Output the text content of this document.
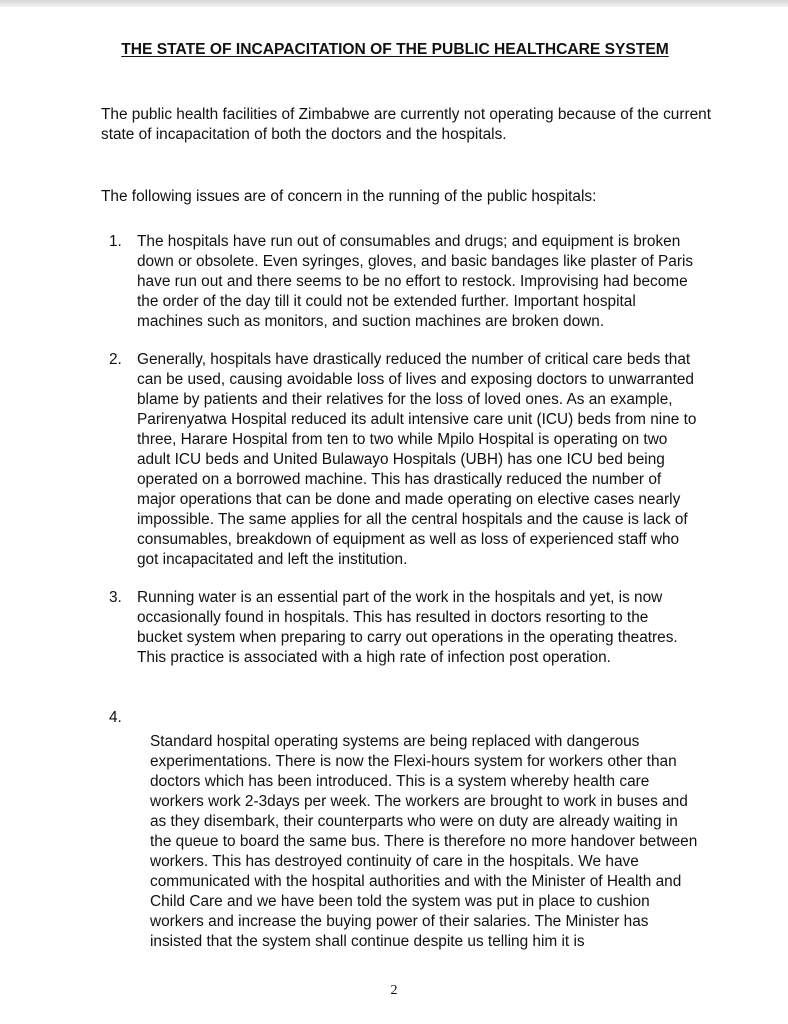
THE STATE OF INCAPACITATION OF THE PUBLIC HEALTHCARE SYSTEM
The public health facilities of Zimbabwe are currently not operating because of the current state of incapacitation of both the doctors and the hospitals.
The following issues are of concern in the running of the public hospitals:
1. The hospitals have run out of consumables and drugs; and equipment is broken down or obsolete. Even syringes, gloves, and basic bandages like plaster of Paris have run out and there seems to be no effort to restock. Improvising had become the order of the day till it could not be extended further. Important hospital machines such as monitors, and suction machines are broken down.
2. Generally, hospitals have drastically reduced the number of critical care beds that can be used, causing avoidable loss of lives and exposing doctors to unwarranted blame by patients and their relatives for the loss of loved ones. As an example, Parirenyatwa Hospital reduced its adult intensive care unit (ICU) beds from nine to three, Harare Hospital from ten to two while Mpilo Hospital is operating on two adult ICU beds and United Bulawayo Hospitals (UBH) has one ICU bed being operated on a borrowed machine. This has drastically reduced the number of major operations that can be done and made operating on elective cases nearly impossible. The same applies for all the central hospitals and the cause is lack of consumables, breakdown of equipment as well as loss of experienced staff who got incapacitated and left the institution.
3. Running water is an essential part of the work in the hospitals and yet, is now occasionally found in hospitals. This has resulted in doctors resorting to the bucket system when preparing to carry out operations in the operating theatres. This practice is associated with a high rate of infection post operation.
4.
Standard hospital operating systems are being replaced with dangerous experimentations. There is now the Flexi-hours system for workers other than doctors which has been introduced. This is a system whereby health care workers work 2-3days per week. The workers are brought to work in buses and as they disembark, their counterparts who were on duty are already waiting in the queue to board the same bus. There is therefore no more handover between workers. This has destroyed continuity of care in the hospitals. We have communicated with the hospital authorities and with the Minister of Health and Child Care and we have been told the system was put in place to cushion workers and increase the buying power of their salaries. The Minister has insisted that the system shall continue despite us telling him it is
2
